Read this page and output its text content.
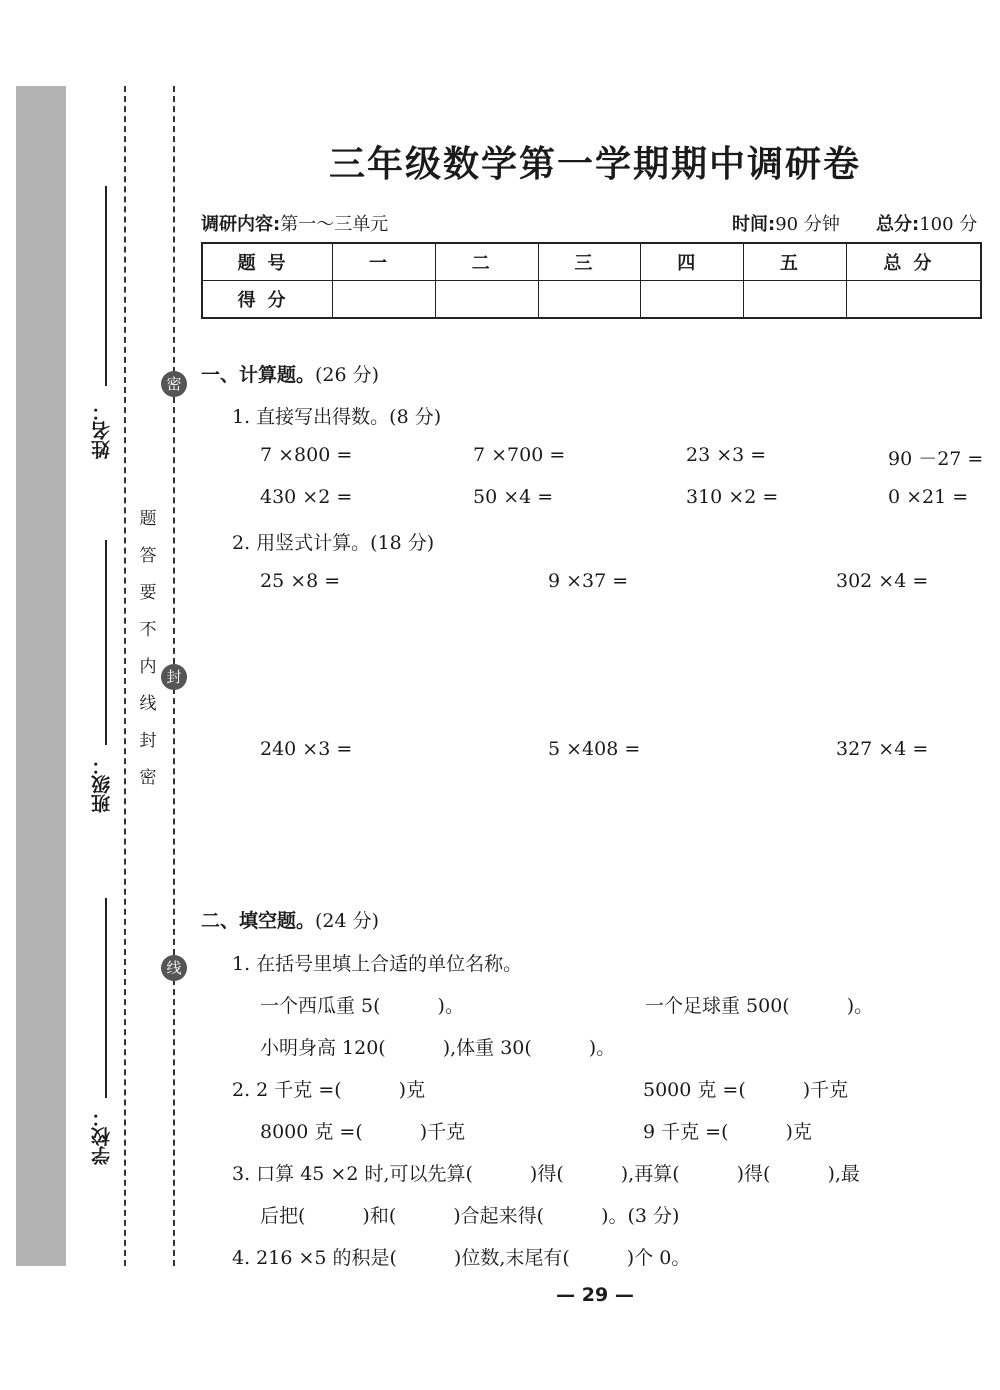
姓名：
班级：
学校：
密
封
线
题
答
要
不
内
线
封
密
三年级数学第一学期期中调研卷
调研内容:第一～三单元	时间:90 分钟 总分:100 分
题号	一	二	三	四	五	总分
得分						
一、计算题。(26 分)
1. 直接写出得数。(8 分)
7 ×800 =	7 ×700 =	23 ×3 =	90 －27 =
430 ×2 =	50 ×4 =	310 ×2 =	0 ×21 =
2. 用竖式计算。(18 分)
25 ×8 =	9 ×37 =	302 ×4 =
240 ×3 =	5 ×408 =	327 ×4 =
二、填空题。(24 分)
1. 在括号里填上合适的单位名称。
一个西瓜重 5(　　　)。	一个足球重 500(　　　)。
小明身高 120(　　　),体重 30(　　　)。
2. 2 千克 =(　　　)克	5000 克 =(　　　)千克
8000 克 =(　　　)千克	9 千克 =(　　　)克
3. 口算 45 ×2 时,可以先算(　　　)得(　　　),再算(　　　)得(　　　),最
后把(　　　)和(　　　)合起来得(　　　)。(3 分)
4. 216 ×5 的积是(　　　)位数,末尾有(　　　)个 0。
— 29 —
